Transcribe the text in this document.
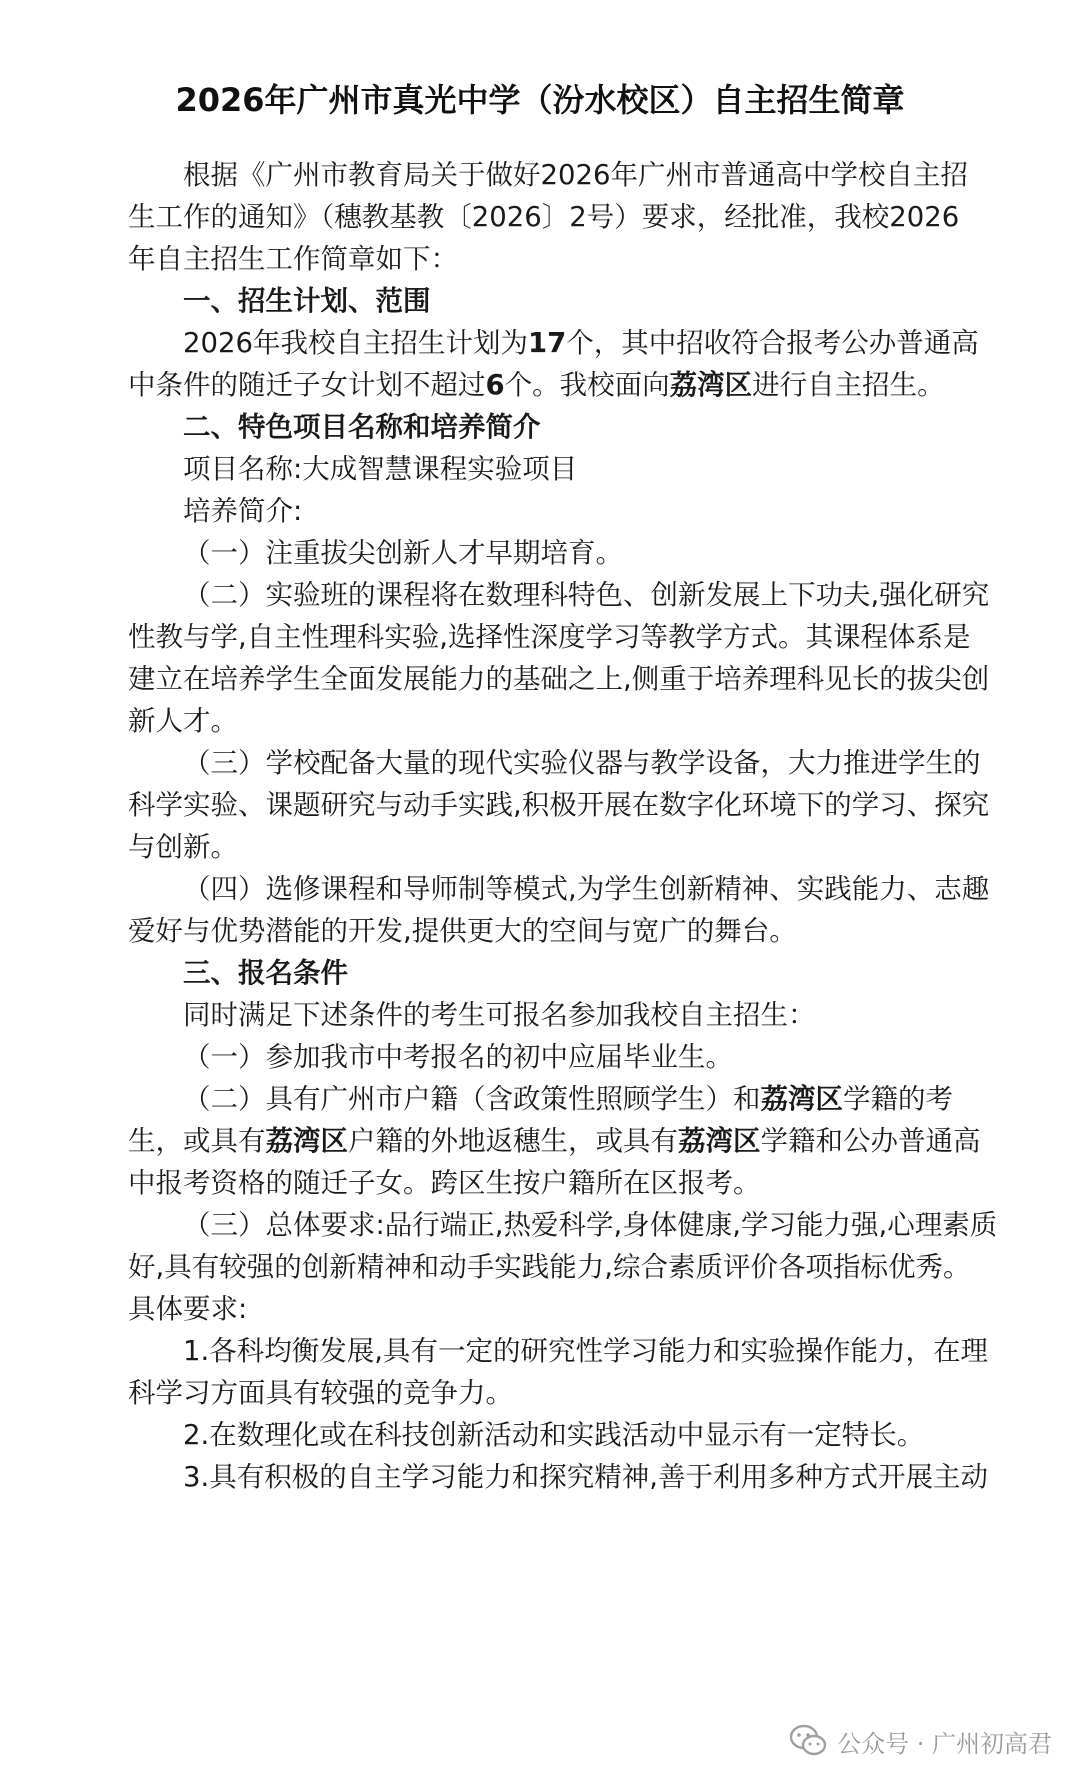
2026年广州市真光中学（汾水校区）自主招生简章
根据《广州市教育局关于做好2026年广州市普通高中学校自主招
生工作的通知》（穗教基教〔2026〕2号）要求，经批准，我校2026
年自主招生工作简章如下：
一、招生计划、范围
2026年我校自主招生计划为17个，其中招收符合报考公办普通高
中条件的随迁子女计划不超过6个。我校面向荔湾区进行自主招生。
二、特色项目名称和培养简介
项目名称:大成智慧课程实验项目
培养简介:
（一）注重拔尖创新人才早期培育。
（二）实验班的课程将在数理科特色、创新发展上下功夫,强化研究
性教与学,自主性理科实验,选择性深度学习等教学方式。其课程体系是
建立在培养学生全面发展能力的基础之上,侧重于培养理科见长的拔尖创
新人才。
（三）学校配备大量的现代实验仪器与教学设备，大力推进学生的
科学实验、课题研究与动手实践,积极开展在数字化环境下的学习、探究
与创新。
（四）选修课程和导师制等模式,为学生创新精神、实践能力、志趣
爱好与优势潜能的开发,提供更大的空间与宽广的舞台。
三、报名条件
同时满足下述条件的考生可报名参加我校自主招生：
（一）参加我市中考报名的初中应届毕业生。
（二）具有广州市户籍（含政策性照顾学生）和荔湾区学籍的考
生，或具有荔湾区户籍的外地返穗生，或具有荔湾区学籍和公办普通高
中报考资格的随迁子女。跨区生按户籍所在区报考。
（三）总体要求:品行端正,热爱科学,身体健康,学习能力强,心理素质
好,具有较强的创新精神和动手实践能力,综合素质评价各项指标优秀。
具体要求:
1.各科均衡发展,具有一定的研究性学习能力和实验操作能力，在理
科学习方面具有较强的竞争力。
2.在数理化或在科技创新活动和实践活动中显示有一定特长。
3.具有积极的自主学习能力和探究精神,善于利用多种方式开展主动
公众号 · 广州初高君
